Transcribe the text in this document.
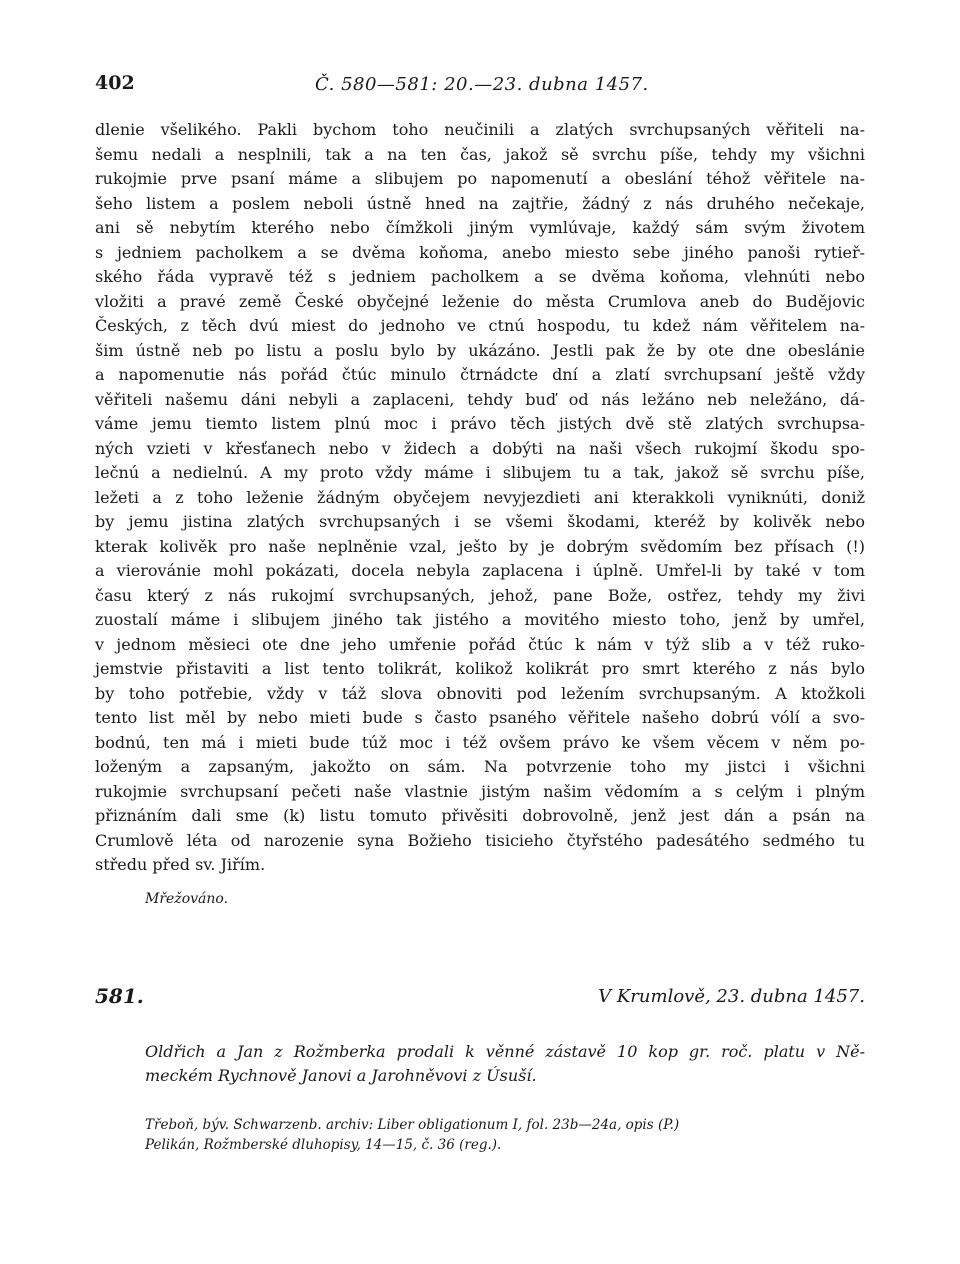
402	Č. 580—581: 20.—23. dubna 1457.

dlenie všelikého. Pakli bychom toho neučinili a zlatých svrchupsaných věřiteli na-
šemu nedali a nesplnili, tak a na ten čas, jakož sě svrchu píše, tehdy my všichni
rukojmie prve psaní máme a slibujem po napomenutí a obeslání téhož věřitele na-
šeho listem a poslem neboli ústně hned na zajtřie, žádný z nás druhého nečekaje,
ani sě nebytím kterého nebo čímžkoli jiným vymlúvaje, každý sám svým životem
s jedniem pacholkem a se dvěma koňoma, anebo miesto sebe jiného panoši rytieř-
ského řáda vypravě též s jedniem pacholkem a se dvěma koňoma, vlehnúti nebo
vložiti a pravé země České obyčejné leženie do města Crumlova aneb do Budějovic
Českých, z těch dvú miest do jednoho ve ctnú hospodu, tu kdež nám věřitelem na-
šim ústně neb po listu a poslu bylo by ukázáno. Jestli pak že by ote dne obeslánie
a napomenutie nás pořád čtúc minulo čtrnádcte dní a zlatí svrchupsaní ještě vždy
věřiteli našemu dáni nebyli a zaplaceni, tehdy buď od nás ležáno neb neležáno, dá-
váme jemu tiemto listem plnú moc i právo těch jistých dvě stě zlatých svrchupsa-
ných vzieti v křesťanech nebo v židech a dobýti na naši všech rukojmí škodu spo-
lečnú a nedielnú. A my proto vždy máme i slibujem tu a tak, jakož sě svrchu píše,
ležeti a z toho leženie žádným obyčejem nevyjezdieti ani kterakkoli vyniknúti, doniž
by jemu jistina zlatých svrchupsaných i se všemi škodami, kteréž by kolivěk nebo
kterak kolivěk pro naše neplněnie vzal, ješto by je dobrým svědomím bez přísach (!)
a vierovánie mohl pokázati, docela nebyla zaplacena i úplně. Umřel-li by také v tom
času který z nás rukojmí svrchupsaných, jehož, pane Bože, ostřez, tehdy my živi
zuostalí máme i slibujem jiného tak jistého a movitého miesto toho, jenž by umřel,
v jednom měsieci ote dne jeho umřenie pořád čtúc k nám v týž slib a v též ruko-
jemstvie přistaviti a list tento tolikrát, kolikož kolikrát pro smrt kterého z nás bylo
by toho potřebie, vždy v táž slova obnoviti pod ležením svrchupsaným. A ktožkoli
tento list měl by nebo mieti bude s často psaného věřitele našeho dobrú vólí a svo-
bodnú, ten má i mieti bude túž moc i též ovšem právo ke všem věcem v něm po-
loženým a zapsaným, jakožto on sám. Na potvrzenie toho my jistci i všichni
rukojmie svrchupsaní pečeti naše vlastnie jistým našim vědomím a s celým i plným
přiznáním dali sme (k) listu tomuto přivěsiti dobrovolně, jenž jest dán a psán na
Crumlově léta od narozenie syna Božieho tisicieho čtyřstého padesátého sedmého tu
středu před sv. Jiřím.

Mřežováno.
581.	V Krumlově, 23. dubna 1457.
Oldřich a Jan z Rožmberka prodali k věnné zástavě 10 kop gr. roč. platu v Ně-
meckém Rychnově Janovi a Jarohněvovi z Úsuší.
Třeboň, býv. Schwarzenb. archiv: Liber obligationum I, fol. 23b—24a, opis (P.)
Pelikán, Rožmberské dluhopisy, 14—15, č. 36 (reg.).
